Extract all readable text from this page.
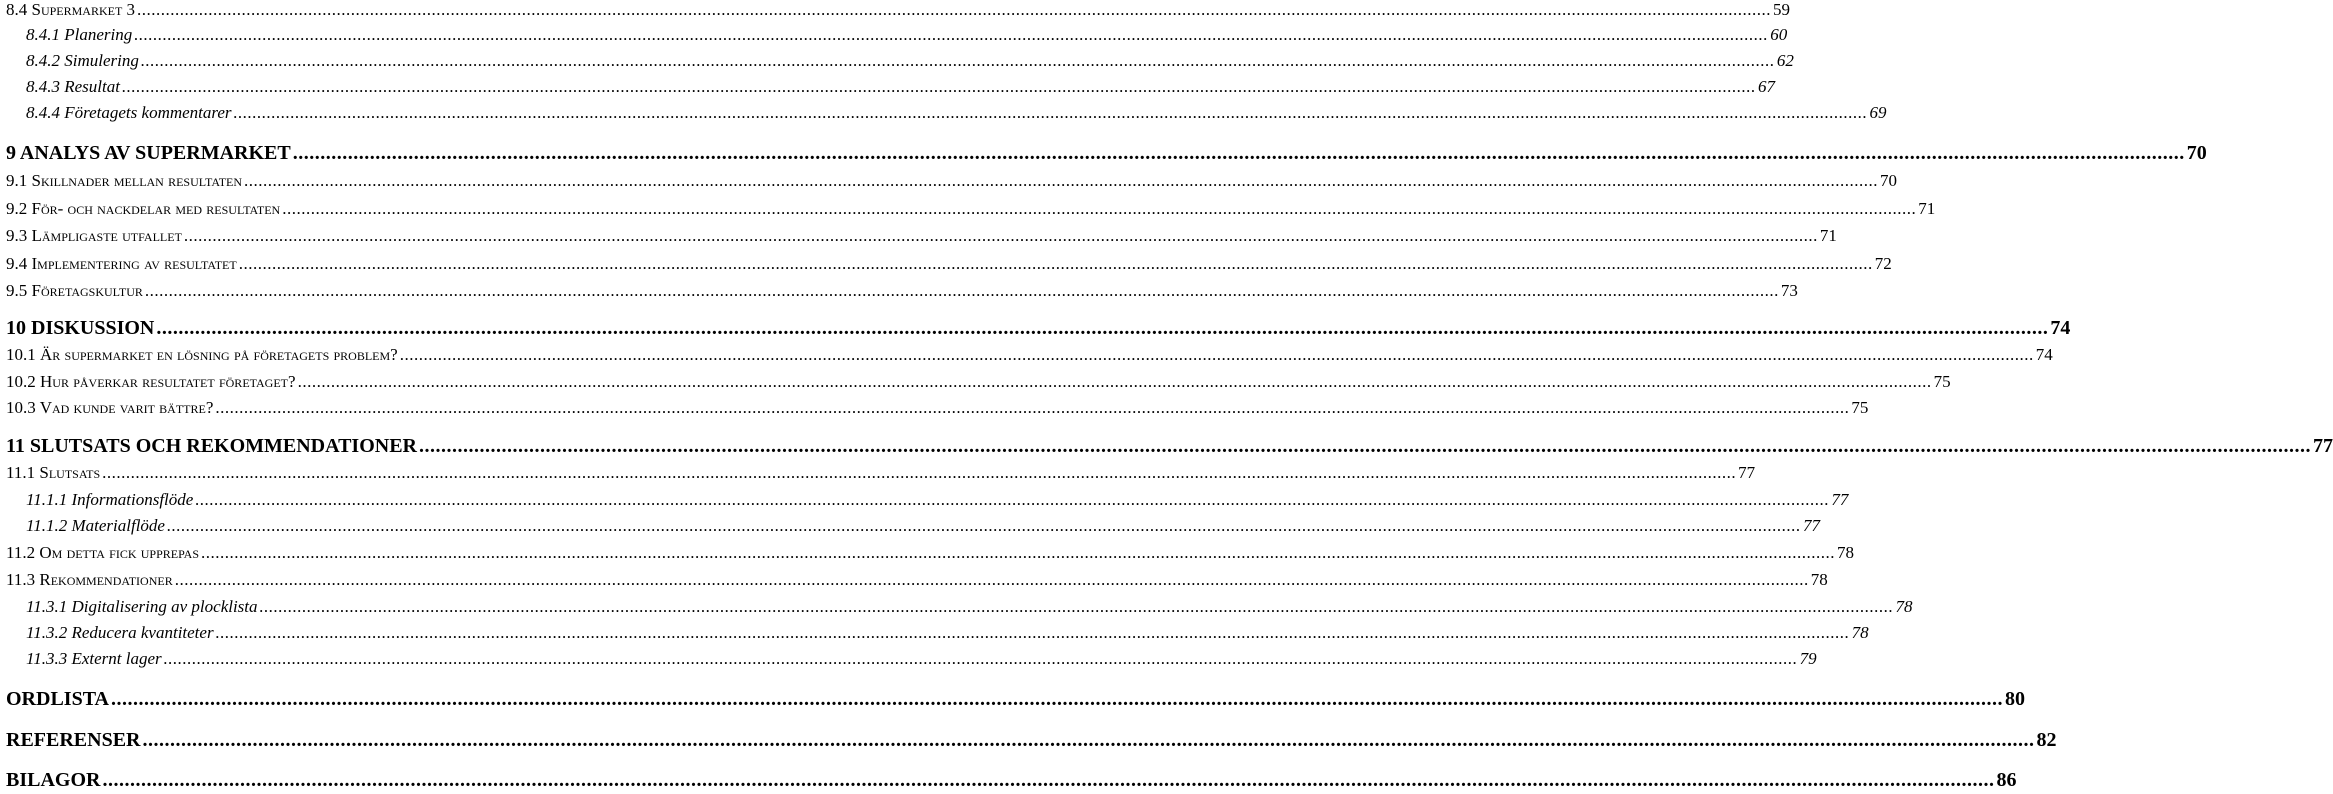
8.4 Supermarket 3 .....	59
8.4.1 Planering .....	60
8.4.2 Simulering .....	62
8.4.3 Resultat .....	67
8.4.4 Företagets kommentarer .....	69
9 ANALYS AV SUPERMARKET .....	70
9.1 Skillnader mellan resultaten .....	70
9.2 För- och nackdelar med resultaten .....	71
9.3 Lämpligaste utfallet .....	71
9.4 Implementering av resultatet .....	72
9.5 Företagskultur .....	73
10 DISKUSSION .....	74
10.1 Är supermarket en lösning på företagets problem? .....	74
10.2 Hur påverkar resultatet företaget? .....	75
10.3 Vad kunde varit bättre? .....	75
11 SLUTSATS OCH REKOMMENDATIONER .....	77
11.1 Slutsats .....	77
11.1.1 Informationsflöde .....	77
11.1.2 Materialflöde .....	77
11.2 Om detta fick upprepas .....	78
11.3 Rekommendationer .....	78
11.3.1 Digitalisering av plocklista .....	78
11.3.2 Reducera kvantiteter .....	78
11.3.3 Externt lager .....	79
ORDLISTA .....	80
REFERENSER .....	82
BILAGOR .....	86
